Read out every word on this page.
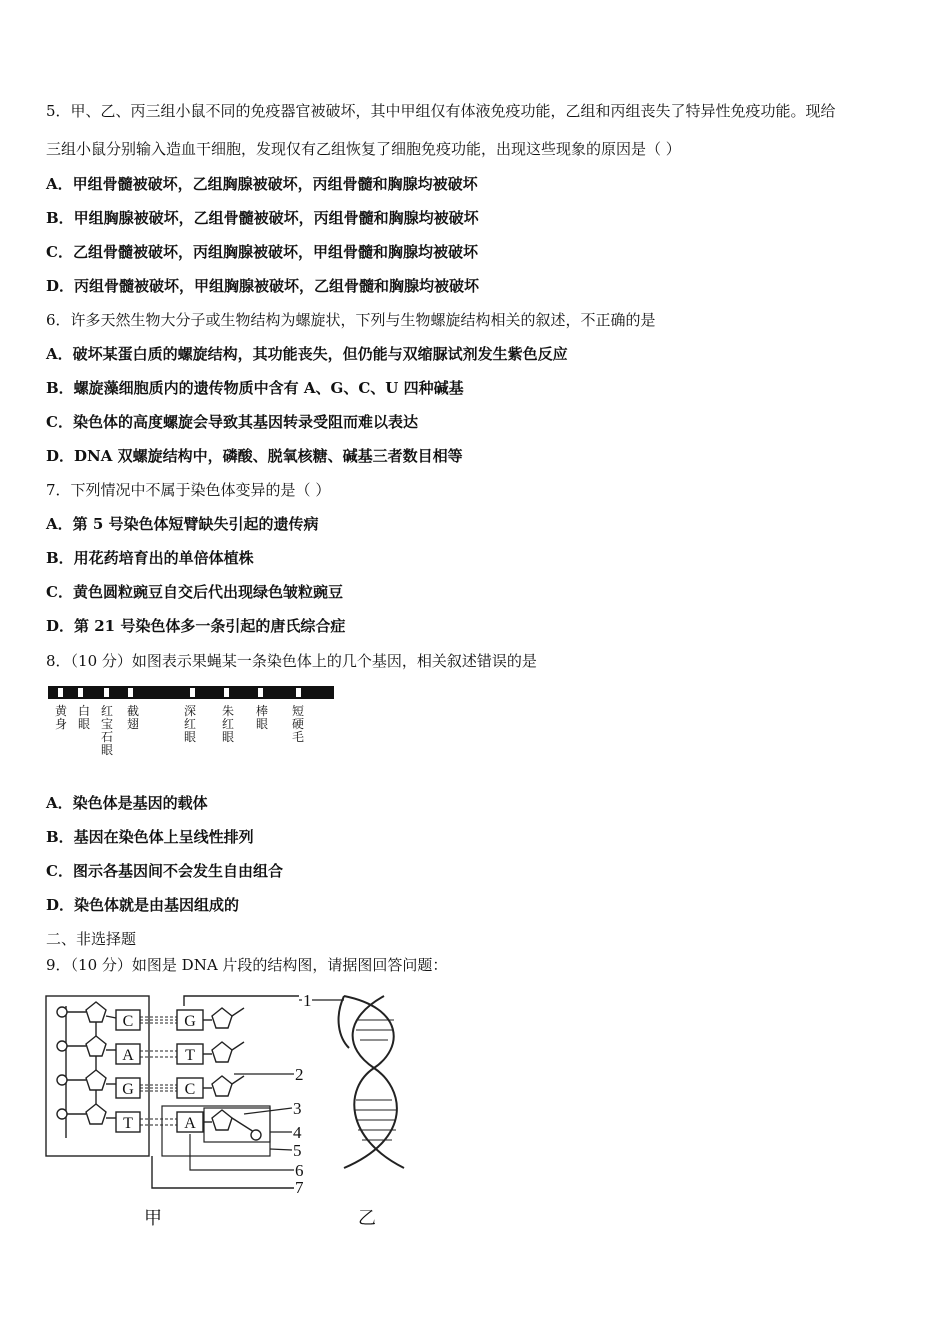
5．甲、乙、丙三组小鼠不同的免疫器官被破坏，其中甲组仅有体液免疫功能，乙组和丙组丧失了特异性免疫功能。现给
三组小鼠分别输入造血干细胞，发现仅有乙组恢复了细胞免疫功能，出现这些现象的原因是（ ）
A．甲组骨髓被破坏，乙组胸腺被破坏，丙组骨髓和胸腺均被破坏
B．甲组胸腺被破坏，乙组骨髓被破坏，丙组骨髓和胸腺均被破坏
C．乙组骨髓被破坏，丙组胸腺被破坏，甲组骨髓和胸腺均被破坏
D．丙组骨髓被破坏，甲组胸腺被破坏，乙组骨髓和胸腺均被破坏
6．许多天然生物大分子或生物结构为螺旋状，下列与生物螺旋结构相关的叙述，不正确的是
A．破坏某蛋白质的螺旋结构，其功能丧失，但仍能与双缩脲试剂发生紫色反应
B．螺旋藻细胞质内的遗传物质中含有 A、G、C、U 四种碱基
C．染色体的高度螺旋会导致其基因转录受阻而难以表达
D．DNA 双螺旋结构中，磷酸、脱氧核糖、碱基三者数目相等
7．下列情况中不属于染色体变异的是（ ）
A．第 5 号染色体短臂缺失引起的遗传病
B．用花药培育出的单倍体植株
C．黄色圆粒豌豆自交后代出现绿色皱粒豌豆
D．第 21 号染色体多一条引起的唐氏综合症
8．（10 分）如图表示果蝇某一条染色体上的几个基因，相关叙述错误的是
黄身
白眼
红宝石眼
截翅
深红眼
朱红眼
棒眼
短硬毛
A．染色体是基因的载体
B．基因在染色体上呈线性排列
C．图示各基因间不会发生自由组合
D．染色体就是由基因组成的
二、非选择题
9．（10 分）如图是 DNA 片段的结构图，请据图回答问题：
C
A
G
T
G
T
C
A
1
2
3
4
5
6
7
甲	乙
